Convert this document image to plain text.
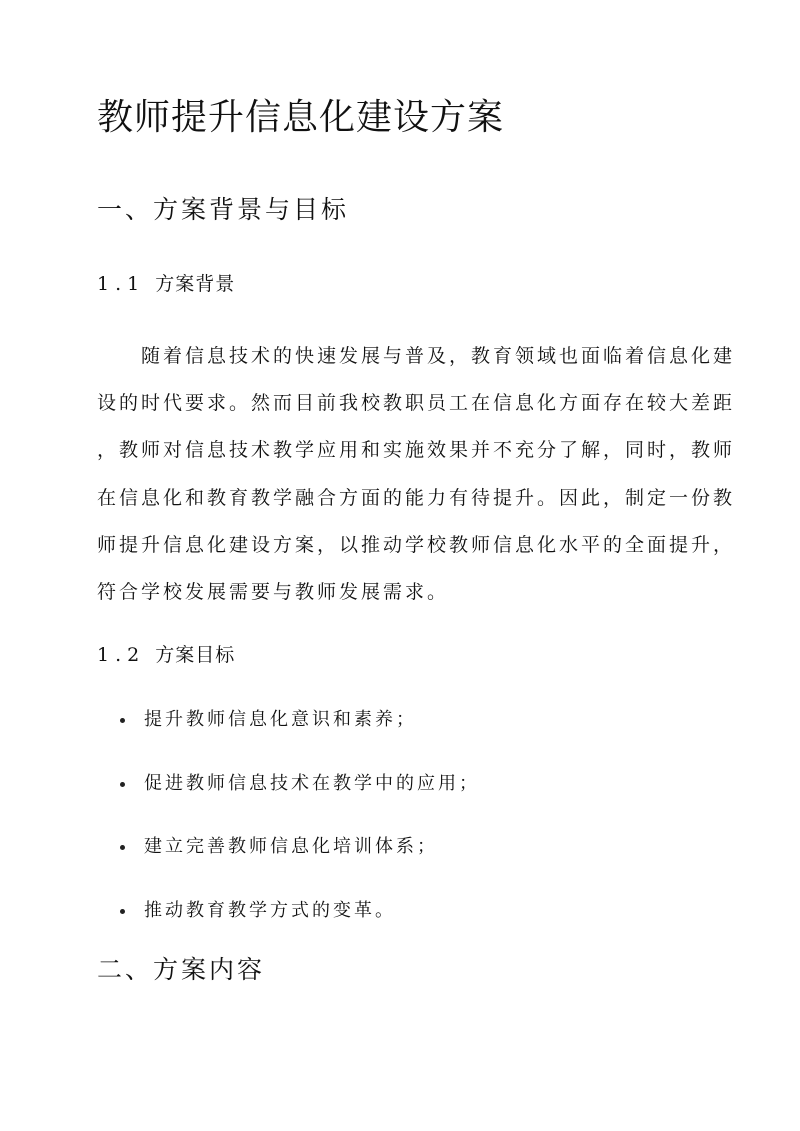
教师提升信息化建设方案
一、方案背景与目标
1.1 方案背景

　　随着信息技术的快速发展与普及，教育领域也面临着信息化建
设的时代要求。然而目前我校教职员工在信息化方面存在较大差距
，教师对信息技术教学应用和实施效果并不充分了解，同时，教师
在信息化和教育教学融合方面的能力有待提升。因此，制定一份教
师提升信息化建设方案，以推动学校教师信息化水平的全面提升，
符合学校发展需要与教师发展需求。

1.2 方案目标
提升教师信息化意识和素养；
促进教师信息技术在教学中的应用；
建立完善教师信息化培训体系；
推动教育教学方式的变革。
二、方案内容
